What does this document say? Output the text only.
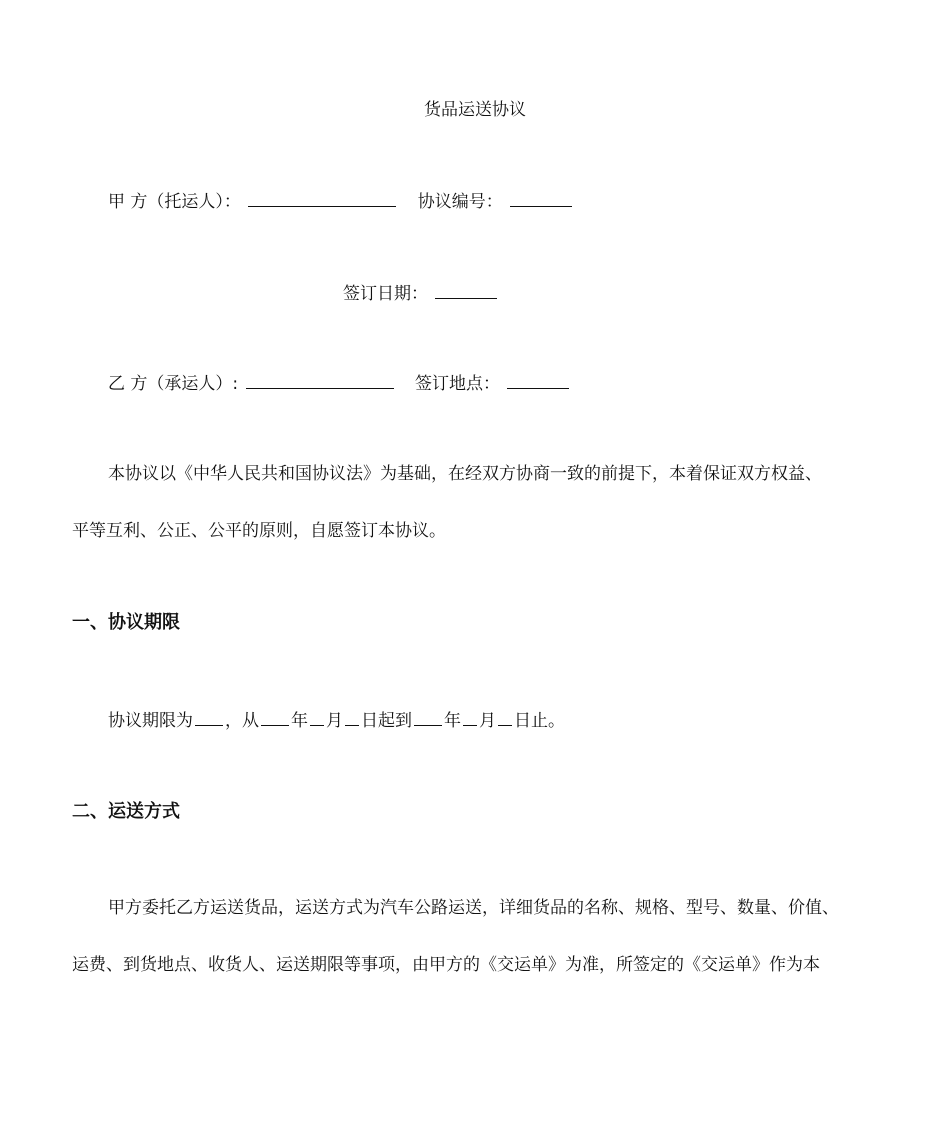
货品运送协议
甲 方（托运人）：	协议编号：
签订日期：
乙 方（承运人）:	签订地点：
本协议以《中华人民共和国协议法》为基础，在经双方协商一致的前提下，本着保证双方权益、
平等互利、公正、公平的原则，自愿签订本协议。
一、协议期限
协议期限为 ，从 年 月 日起到 年 月 日止。
二、运送方式
甲方委托乙方运送货品，运送方式为汽车公路运送，详细货品的名称、规格、型号、数量、价值、
运费、到货地点、收货人、运送期限等事项，由甲方的《交运单》为准，所签定的《交运单》作为本
